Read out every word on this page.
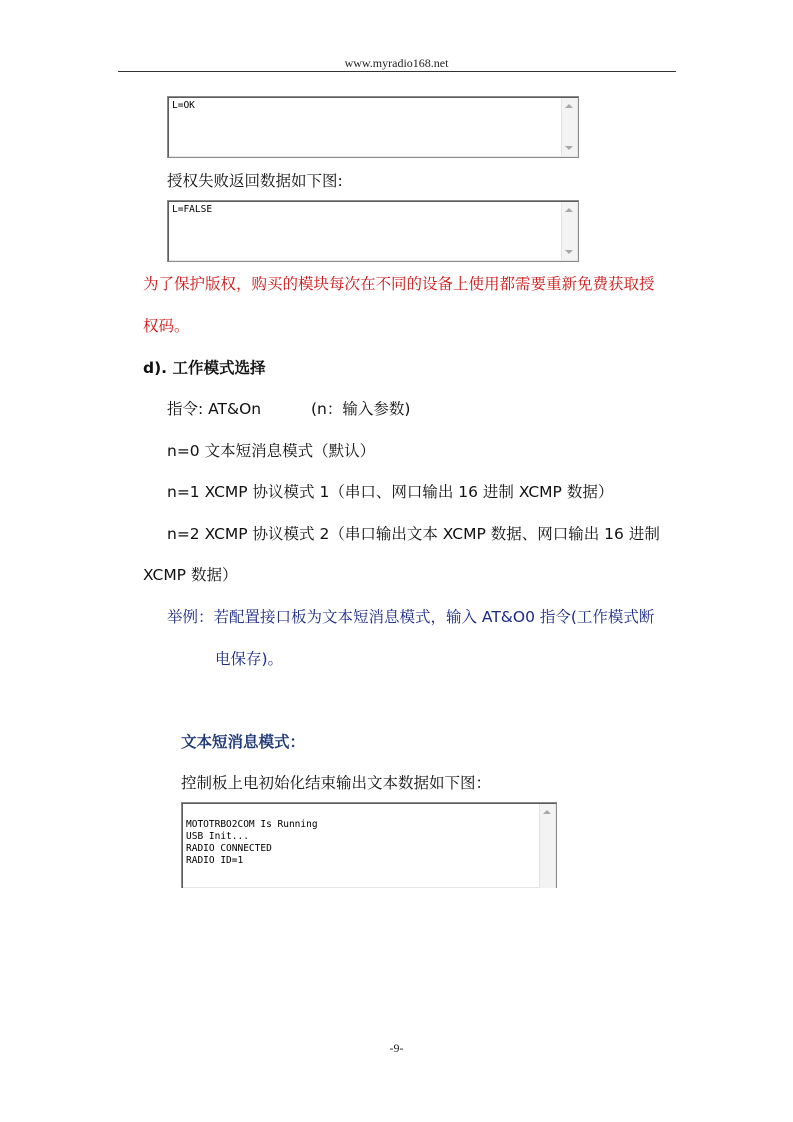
www.myradio168.net
L=OK
授权失败返回数据如下图:
L=FALSE
为了保护版权，购买的模块每次在不同的设备上使用都需要重新免费获取授
权码。
d). 工作模式选择
指令: AT&On	(n：输入参数)
n=0 文本短消息模式（默认）
n=1 XCMP 协议模式 1（串口、网口输出 16 进制 XCMP 数据）
n=2 XCMP 协议模式 2（串口输出文本 XCMP 数据、网口输出 16 进制
XCMP 数据）
举例：若配置接口板为文本短消息模式，输入 AT&O0 指令(工作模式断
电保存)。
文本短消息模式：
控制板上电初始化结束输出文本数据如下图：
MOTOTRBO2COM Is Running
USB Init...
RADIO CONNECTED
RADIO ID=1
-9-
